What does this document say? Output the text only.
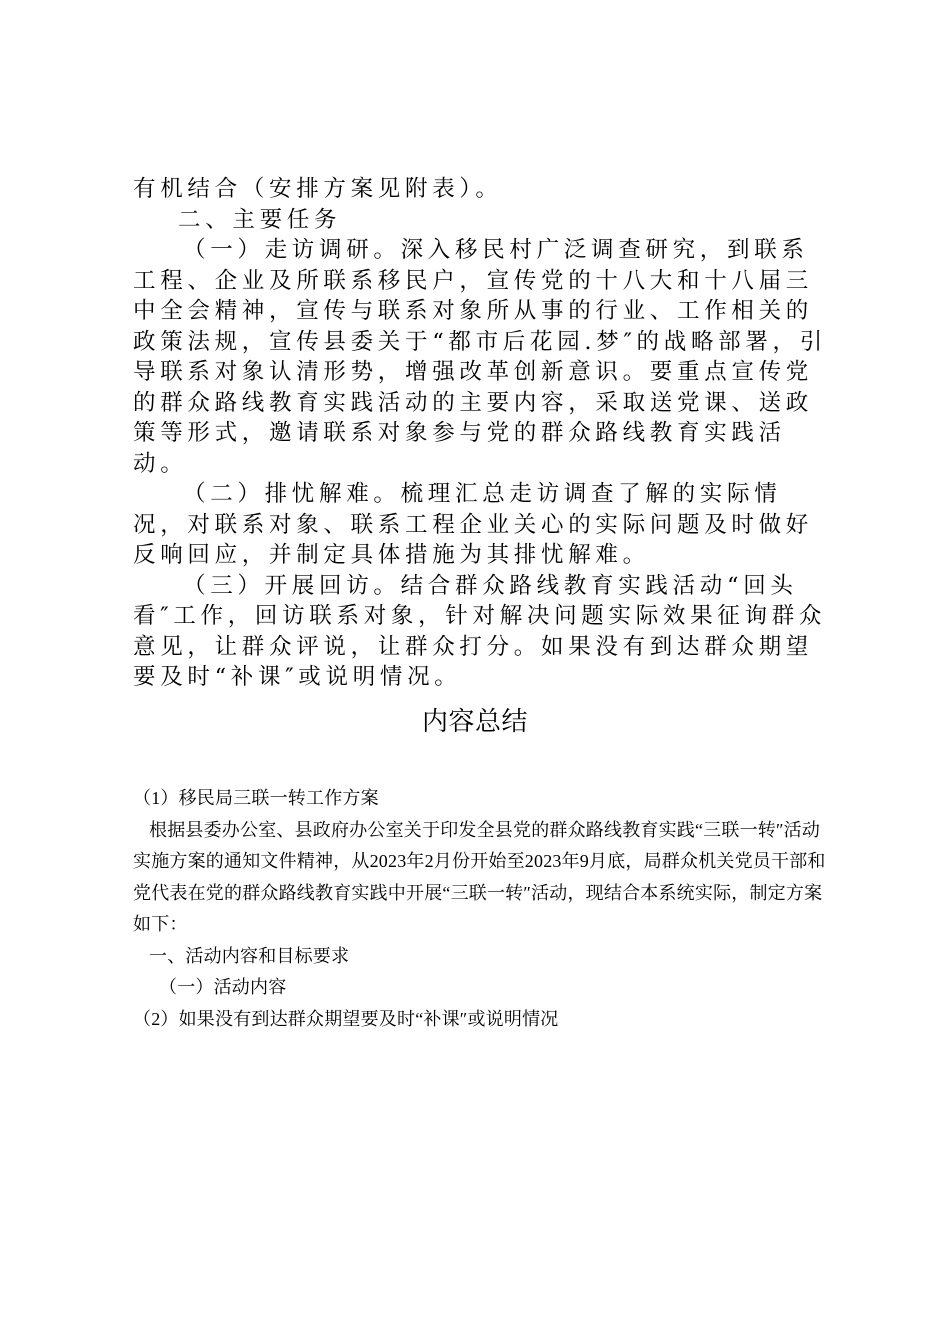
有机结合（安排方案见附表）。

二、主要任务

（一）走访调研。深入移民村广泛调查研究，到联系工程、企业及所联系移民户，宣传党的十八大和十八届三中全会精神，宣传与联系对象所从事的行业、工作相关的政策法规，宣传县委关于“都市后花园.梦″的战略部署，引导联系对象认清形势，增强改革创新意识。要重点宣传党的群众路线教育实践活动的主要内容，采取送党课、送政策等形式，邀请联系对象参与党的群众路线教育实践活动。

（二）排忧解难。梳理汇总走访调查了解的实际情况，对联系对象、联系工程企业关心的实际问题及时做好反响回应，并制定具体措施为其排忧解难。

（三）开展回访。结合群众路线教育实践活动“回头看″工作，回访联系对象，针对解决问题实际效果征询群众意见，让群众评说，让群众打分。如果没有到达群众期望要及时“补课″或说明情况。

内容总结

（1）移民局三联一转工作方案

根据县委办公室、县政府办公室关于印发全县党的群众路线教育实践“三联一转″活动实施方案的通知文件精神，从2023年2月份开始至2023年9月底，局群众机关党员干部和党代表在党的群众路线教育实践中开展“三联一转″活动，现结合本系统实际，制定方案如下：

一、活动内容和目标要求

（一）活动内容

（2）如果没有到达群众期望要及时“补课″或说明情况
